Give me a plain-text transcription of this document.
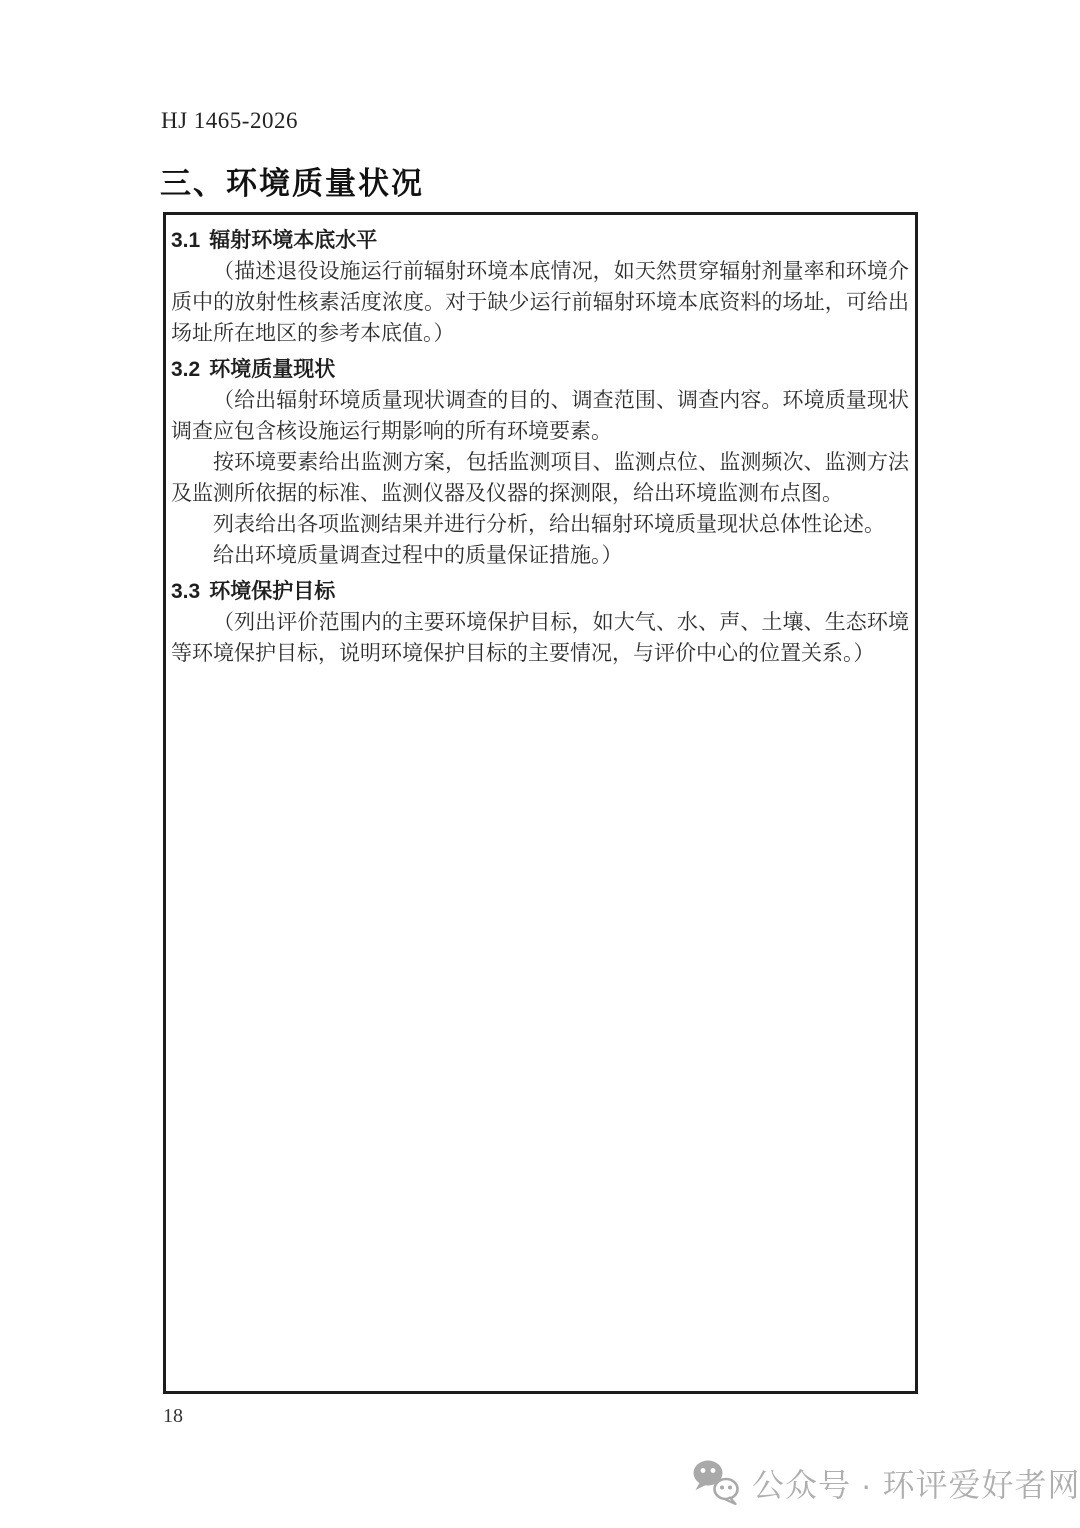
HJ 1465-2026
三、环境质量状况
3.1 辐射环境本底水平

（描述退役设施运行前辐射环境本底情况，如天然贯穿辐射剂量率和环境介质中的放射性核素活度浓度。对于缺少运行前辐射环境本底资料的场址，可给出场址所在地区的参考本底值。）

3.2 环境质量现状

（给出辐射环境质量现状调查的目的、调查范围、调查内容。环境质量现状调查应包含核设施运行期影响的所有环境要素。

按环境要素给出监测方案，包括监测项目、监测点位、监测频次、监测方法及监测所依据的标准、监测仪器及仪器的探测限，给出环境监测布点图。

列表给出各项监测结果并进行分析，给出辐射环境质量现状总体性论述。

给出环境质量调查过程中的质量保证措施。）

3.3 环境保护目标

（列出评价范围内的主要环境保护目标，如大气、水、声、土壤、生态环境等环境保护目标，说明环境保护目标的主要情况，与评价中心的位置关系。）

18
公众号 · 环评爱好者网
